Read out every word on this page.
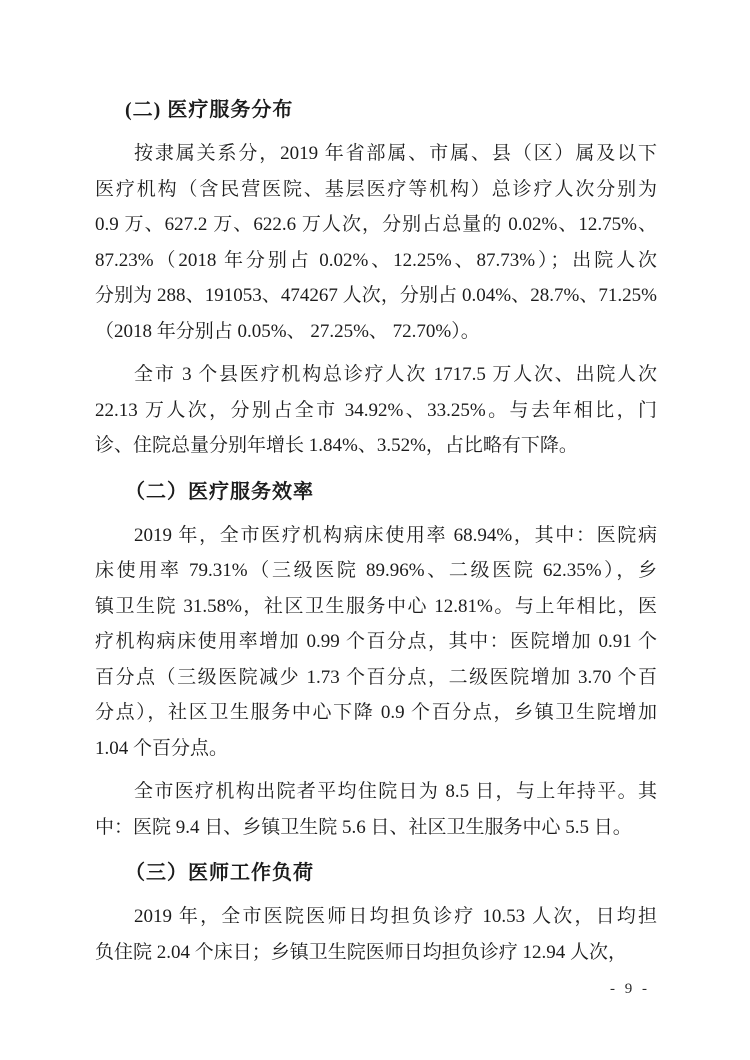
(二) 医疗服务分布
按隶属关系分，2019 年省部属、市属、县（区）属及以下
医疗机构（含民营医院、基层医疗等机构）总诊疗人次分别为
0.9 万、627.2 万、622.6 万人次，分别占总量的 0.02%、12.75%、
87.23%（2018 年分别占 0.02%、12.25%、87.73%）；出院人次
分别为 288、191053、474267 人次，分别占 0.04%、28.7%、71.25%
（2018 年分别占 0.05%、 27.25%、 72.70%）。
全市 3 个县医疗机构总诊疗人次 1717.5 万人次、出院人次
22.13 万人次，分别占全市 34.92%、33.25%。与去年相比，门
诊、住院总量分别年增长 1.84%、3.52%，占比略有下降。
（二）医疗服务效率
2019 年，全市医疗机构病床使用率 68.94%，其中：医院病
床使用率 79.31%（三级医院 89.96%、二级医院 62.35%），乡
镇卫生院 31.58%，社区卫生服务中心 12.81%。与上年相比，医
疗机构病床使用率增加 0.99 个百分点，其中：医院增加 0.91 个
百分点（三级医院减少 1.73 个百分点，二级医院增加 3.70 个百
分点），社区卫生服务中心下降 0.9 个百分点，乡镇卫生院增加
1.04 个百分点。
全市医疗机构出院者平均住院日为 8.5 日，与上年持平。其
中：医院 9.4 日、乡镇卫生院 5.6 日、社区卫生服务中心 5.5 日。
（三）医师工作负荷
2019 年，全市医院医师日均担负诊疗 10.53 人次，日均担
负住院 2.04 个床日；乡镇卫生院医师日均担负诊疗 12.94 人次，
- 9 -
